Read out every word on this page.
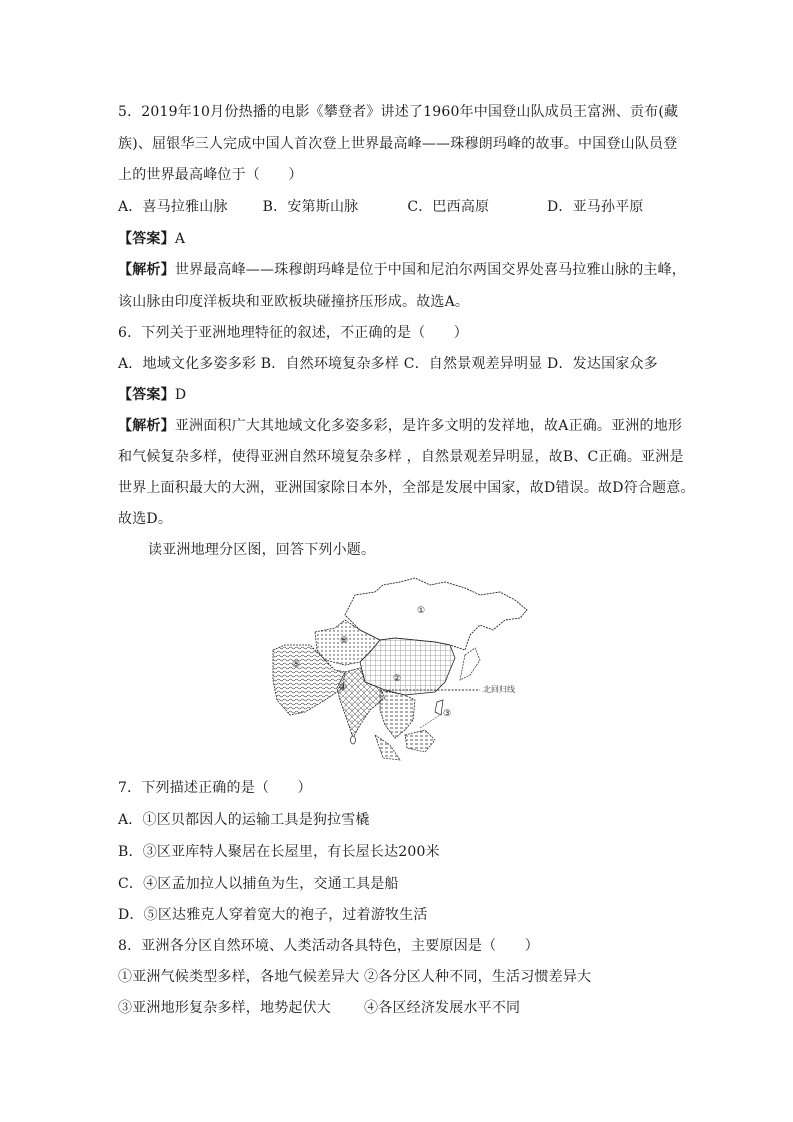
5．2019年10月份热播的电影《攀登者》讲述了1960年中国登山队成员王富洲、贡布(藏
族)、屈银华三人完成中国人首次登上世界最高峰——珠穆朗玛峰的故事。中国登山队员登
上的世界最高峰位于（　　）
A．喜马拉雅山脉 B．安第斯山脉	C．巴西高原	D．亚马孙平原
【答案】A
【解析】世界最高峰——珠穆朗玛峰是位于中国和尼泊尔两国交界处喜马拉雅山脉的主峰，
该山脉由印度洋板块和亚欧板块碰撞挤压形成。故选A。
6．下列关于亚洲地理特征的叙述，不正确的是（　　）
A．地域文化多姿多彩 B．自然环境复杂多样 C．自然景观差异明显 D．发达国家众多
【答案】D
【解析】亚洲面积广大其地域文化多姿多彩，是许多文明的发祥地，故A正确。亚洲的地形
和气候复杂多样，使得亚洲自然环境复杂多样 ，自然景观差异明显，故B、C正确。亚洲是
世界上面积最大的大洲，亚洲国家除日本外，全部是发展中国家，故D错误。故D符合题意。
故选D。
读亚洲地理分区图，回答下列小题。
①
②
③
④
⑤
⑥
北回归线
7．下列描述正确的是（　　）
A．①区贝都因人的运输工具是狗拉雪橇
B．③区亚库特人聚居在长屋里，有长屋长达200米
C．④区孟加拉人以捕鱼为生，交通工具是船
D．⑤区达雅克人穿着宽大的袍子，过着游牧生活
8．亚洲各分区自然环境、人类活动各具特色，主要原因是（　　）
①亚洲气候类型多样，各地气候差异大 ②各分区人种不同，生活习惯差异大
③亚洲地形复杂多样，地势起伏大　　 ④各区经济发展水平不同
